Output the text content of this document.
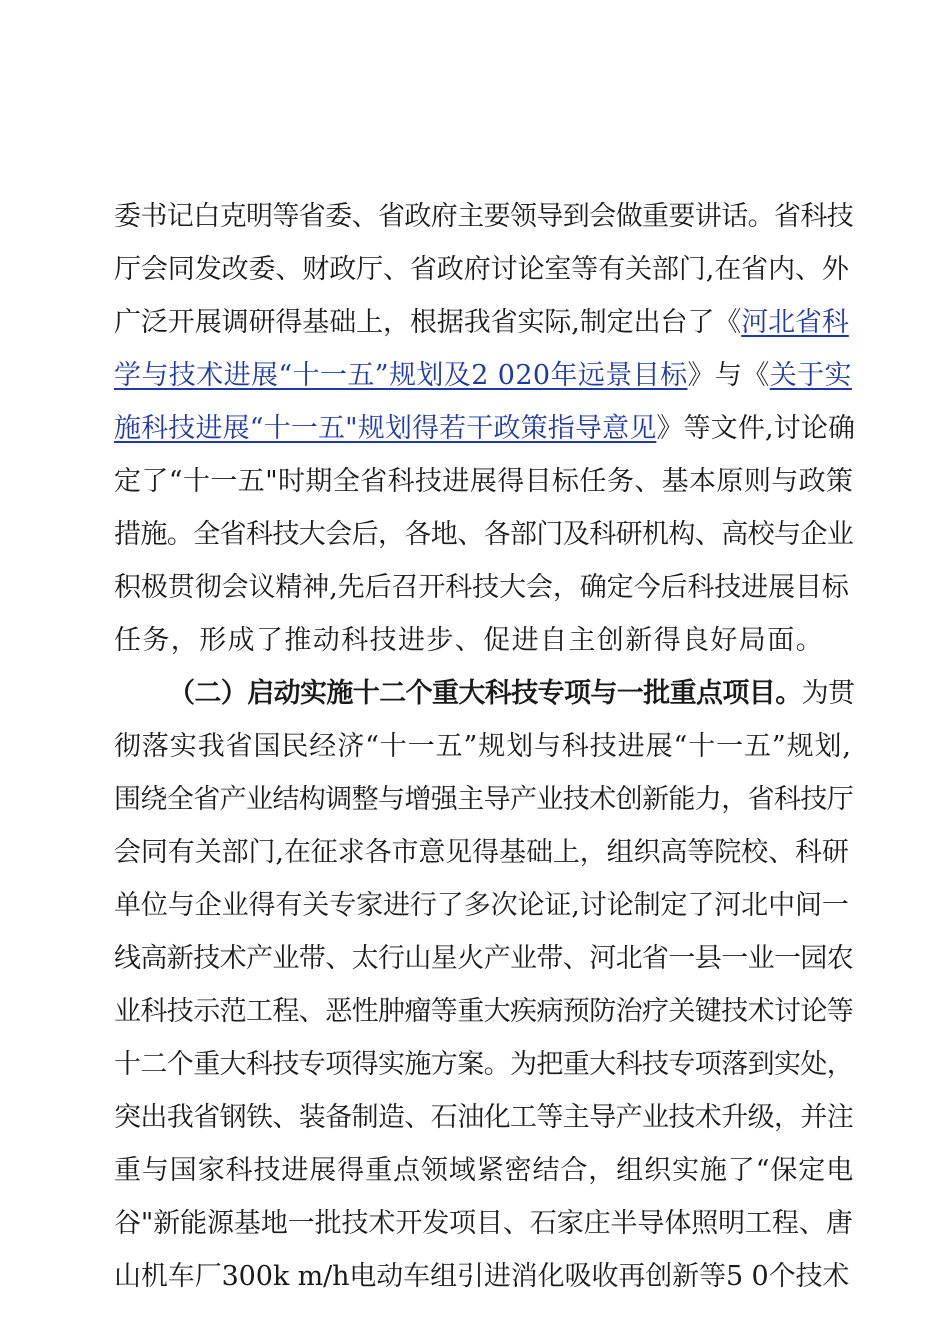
委书记白克明等省委、省政府主要领导到会做重要讲话。省科技
厅会同发改委、财政厅、省政府讨论室等有关部门,在省内、外
广泛开展调研得基础上，根据我省实际,制定出台了《河北省科
学与技术进展“十一五”规划及2 020年远景目标》与《关于实
施科技进展“十一五"规划得若干政策指导意见》等文件,讨论确
定了“十一五"时期全省科技进展得目标任务、基本原则与政策
措施。全省科技大会后，各地、各部门及科研机构、高校与企业
积极贯彻会议精神,先后召开科技大会，确定今后科技进展目标
任务，形成了推动科技进步、促进自主创新得良好局面。
（二）启动实施十二个重大科技专项与一批重点项目。为贯
彻落实我省国民经济“十一五”规划与科技进展“十一五”规划,
围绕全省产业结构调整与增强主导产业技术创新能力，省科技厅
会同有关部门,在征求各市意见得基础上，组织高等院校、科研
单位与企业得有关专家进行了多次论证,讨论制定了河北中间一
线高新技术产业带、太行山星火产业带、河北省一县一业一园农
业科技示范工程、恶性肿瘤等重大疾病预防治疗关键技术讨论等
十二个重大科技专项得实施方案。为把重大科技专项落到实处，
突出我省钢铁、装备制造、石油化工等主导产业技术升级，并注
重与国家科技进展得重点领域紧密结合，组织实施了“保定电
谷"新能源基地一批技术开发项目、石家庄半导体照明工程、唐
山机车厂300k m/h电动车组引进消化吸收再创新等5 0个技术
